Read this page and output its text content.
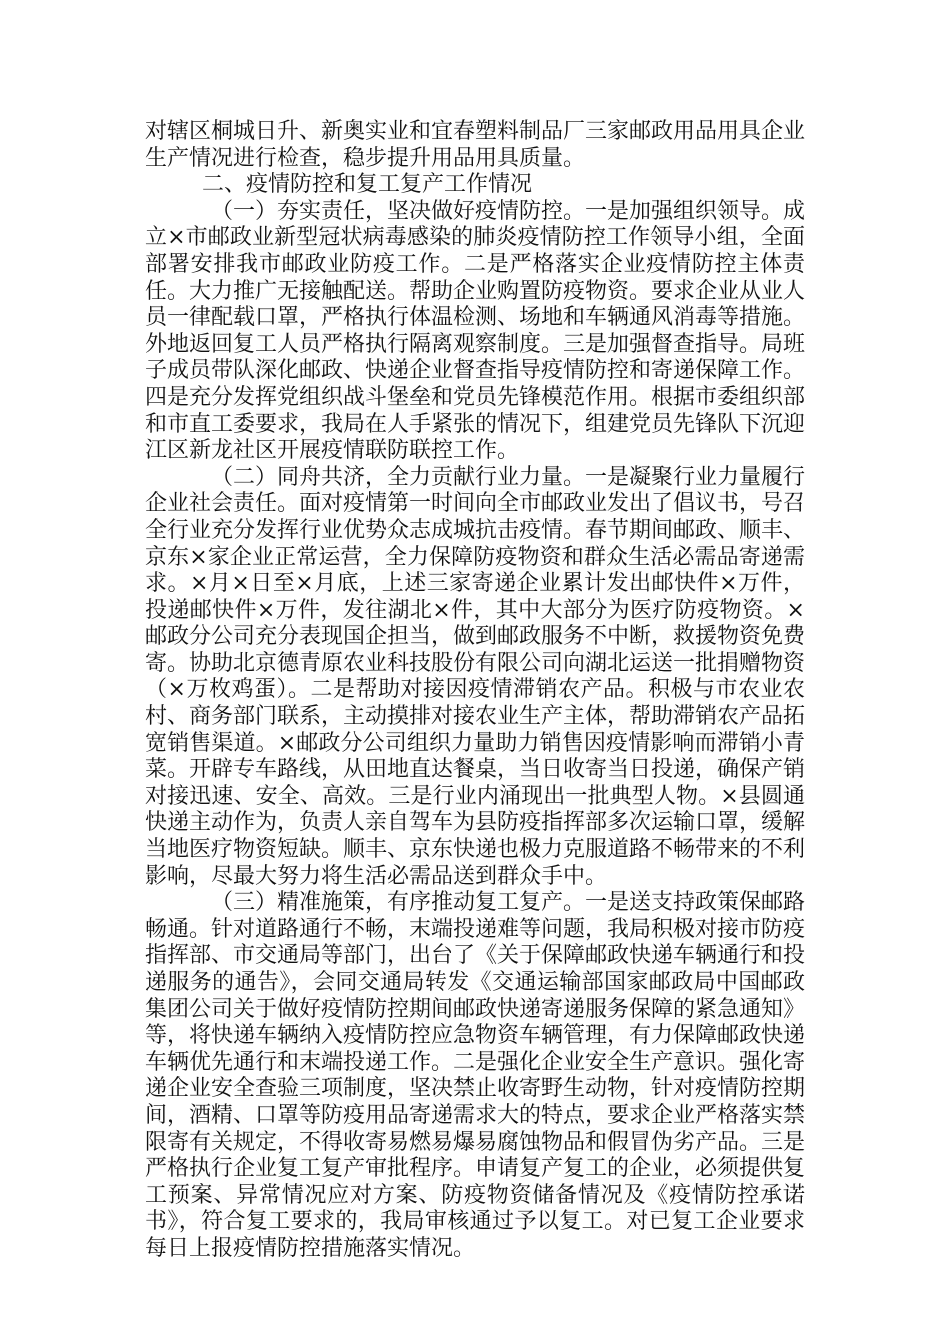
对辖区桐城日升、新奥实业和宜春塑料制品厂三家邮政用品用具企业生产情况进行检查，稳步提升用品用具质量。

二、疫情防控和复工复产工作情况

（一）夯实责任，坚决做好疫情防控。一是加强组织领导。成立×市邮政业新型冠状病毒感染的肺炎疫情防控工作领导小组，全面部署安排我市邮政业防疫工作。二是严格落实企业疫情防控主体责任。大力推广无接触配送。帮助企业购置防疫物资。要求企业从业人员一律配载口罩，严格执行体温检测、场地和车辆通风消毒等措施。外地返回复工人员严格执行隔离观察制度。三是加强督查指导。局班子成员带队深化邮政、快递企业督查指导疫情防控和寄递保障工作。四是充分发挥党组织战斗堡垒和党员先锋模范作用。根据市委组织部和市直工委要求，我局在人手紧张的情况下，组建党员先锋队下沉迎江区新龙社区开展疫情联防联控工作。

（二）同舟共济，全力贡献行业力量。一是凝聚行业力量履行企业社会责任。面对疫情第一时间向全市邮政业发出了倡议书，号召全行业充分发挥行业优势众志成城抗击疫情。春节期间邮政、顺丰、京东×家企业正常运营，全力保障防疫物资和群众生活必需品寄递需求。×月×日至×月底，上述三家寄递企业累计发出邮快件×万件，投递邮快件×万件，发往湖北×件，其中大部分为医疗防疫物资。×邮政分公司充分表现国企担当，做到邮政服务不中断，救援物资免费寄。协助北京德青原农业科技股份有限公司向湖北运送一批捐赠物资（×万枚鸡蛋）。二是帮助对接因疫情滞销农产品。积极与市农业农村、商务部门联系，主动摸排对接农业生产主体，帮助滞销农产品拓宽销售渠道。×邮政分公司组织力量助力销售因疫情影响而滞销小青菜。开辟专车路线，从田地直达餐桌，当日收寄当日投递，确保产销对接迅速、安全、高效。三是行业内涌现出一批典型人物。×县圆通快递主动作为，负责人亲自驾车为县防疫指挥部多次运输口罩，缓解当地医疗物资短缺。顺丰、京东快递也极力克服道路不畅带来的不利影响，尽最大努力将生活必需品送到群众手中。

（三）精准施策，有序推动复工复产。一是送支持政策保邮路畅通。针对道路通行不畅，末端投递难等问题，我局积极对接市防疫指挥部、市交通局等部门，出台了《关于保障邮政快递车辆通行和投递服务的通告》，会同交通局转发《交通运输部国家邮政局中国邮政集团公司关于做好疫情防控期间邮政快递寄递服务保障的紧急通知》等，将快递车辆纳入疫情防控应急物资车辆管理，有力保障邮政快递车辆优先通行和末端投递工作。二是强化企业安全生产意识。强化寄递企业安全查验三项制度，坚决禁止收寄野生动物，针对疫情防控期间，酒精、口罩等防疫用品寄递需求大的特点，要求企业严格落实禁限寄有关规定，不得收寄易燃易爆易腐蚀物品和假冒伪劣产品。三是严格执行企业复工复产审批程序。申请复产复工的企业，必须提供复工预案、异常情况应对方案、防疫物资储备情况及《疫情防控承诺书》，符合复工要求的，我局审核通过予以复工。对已复工企业要求每日上报疫情防控措施落实情况。
